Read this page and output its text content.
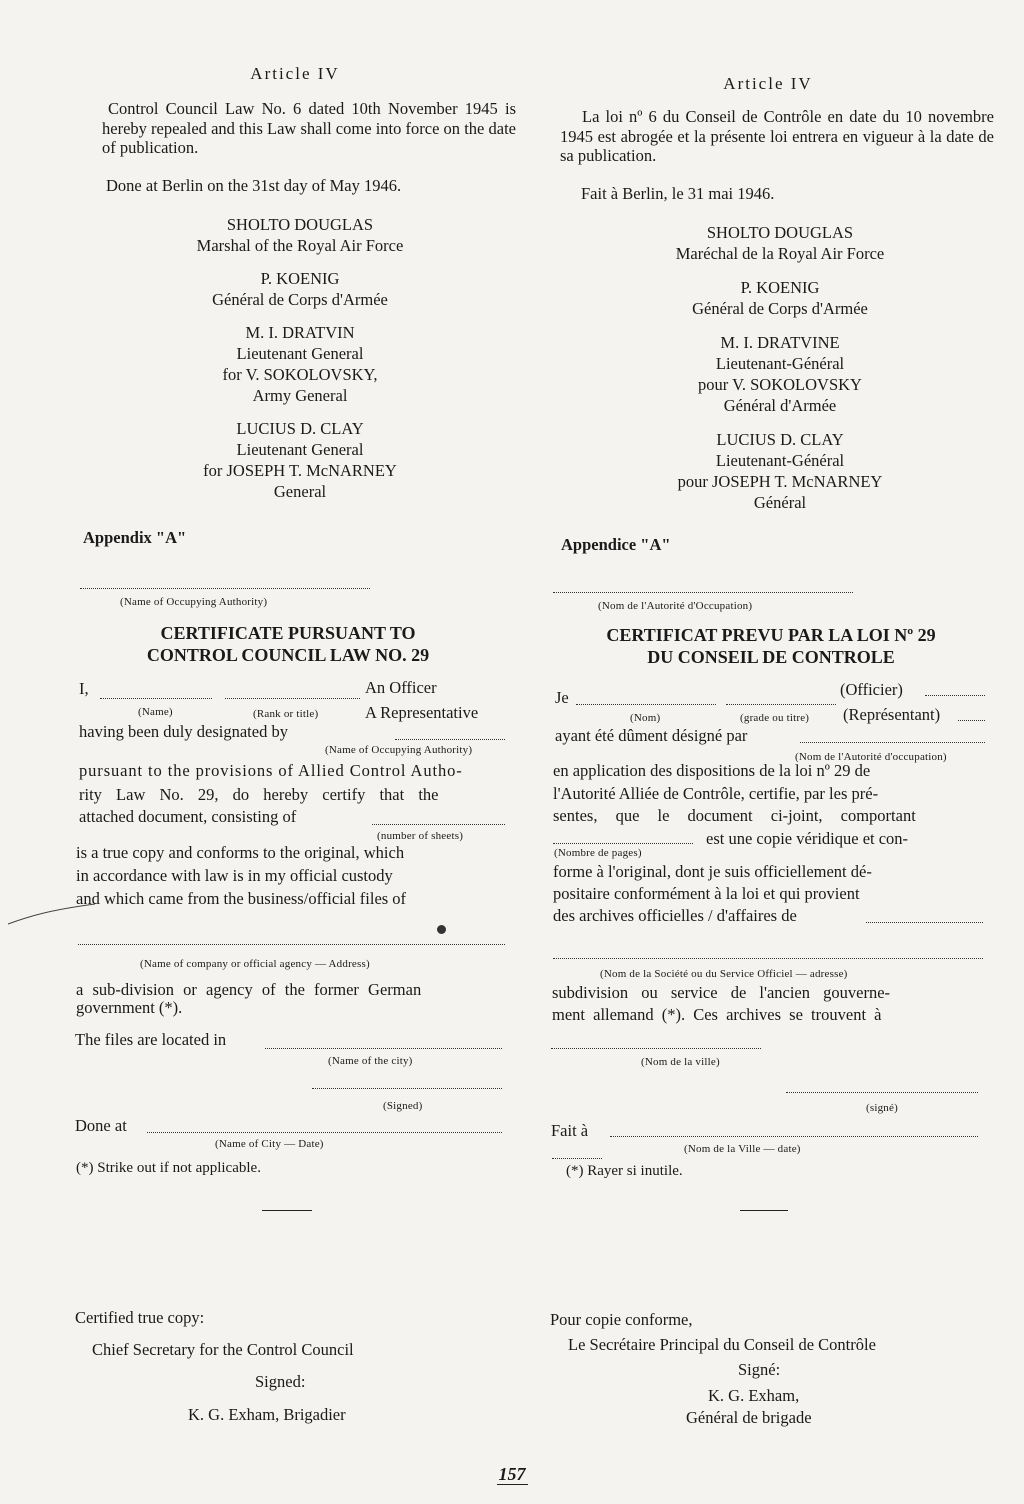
Article IV
Control Council Law No. 6 dated 10th November 1945 is hereby repealed and this Law shall come into force on the date of publication.
Done at Berlin on the 31st day of May 1946.
SHOLTO DOUGLAS
Marshal of the Royal Air Force
P. KOENIG
Général de Corps d'Armée
M. I. DRATVIN
Lieutenant General
for V. SOKOLOVSKY,
Army General
LUCIUS D. CLAY
Lieutenant General
for JOSEPH T. McNARNEY
General
Appendix "A"
(Name of Occupying Authority)
CERTIFICATE PURSUANT TO
CONTROL COUNCIL LAW NO. 29
I,	An Officer
(Name)	(Rank or title)	A Representative
having been duly designated by
(Name of Occupying Authority)
pursuant to the provisions of Allied Control Autho-
rity Law No. 29, do hereby certify that the
attached document, consisting of
(number of sheets)
is a true copy and conforms to the original, which
in accordance with law is in my official custody
and which came from the business/official files of
(Name of company or official agency — Address)
a sub-division or agency of the former German
government (*).
The files are located in
(Name of the city)
(Signed)
Done at
(Name of City — Date)
(*) Strike out if not applicable.
Certified true copy:
Chief Secretary for the Control Council
Signed:
K. G. Exham, Brigadier
Article IV
La loi nº 6 du Conseil de Contrôle en date du 10 novembre 1945 est abrogée et la présente loi entrera en vigueur à la date de sa publication.
Fait à Berlin, le 31 mai 1946.
SHOLTO DOUGLAS
Maréchal de la Royal Air Force
P. KOENIG
Général de Corps d'Armée
M. I. DRATVINE
Lieutenant-Général
pour V. SOKOLOVSKY
Général d'Armée
LUCIUS D. CLAY
Lieutenant-Général
pour JOSEPH T. McNARNEY
Général
Appendice "A"
(Nom de l'Autorité d'Occupation)
CERTIFICAT PREVU PAR LA LOI Nº 29
DU CONSEIL DE CONTROLE
Je	(Officier)
(Nom)	(grade ou titre) (Représentant)
ayant été dûment désigné par
(Nom de l'Autorité d'occupation)
en application des dispositions de la loi nº 29 de
l'Autorité Alliée de Contrôle, certifie, par les pré-
sentes, que le document ci-joint, comportant
est une copie véridique et con-
(Nombre de pages)
forme à l'original, dont je suis officiellement dé-
positaire conformément à la loi et qui provient
des archives officielles / d'affaires de
(Nom de la Société ou du Service Officiel — adresse)
subdivision ou service de l'ancien gouverne-
ment allemand (*). Ces archives se trouvent à
(Nom de la ville)
(signé)
Fait à
(Nom de la Ville — date)
(*) Rayer si inutile.
Pour copie conforme,
Le Secrétaire Principal du Conseil de Contrôle
Signé:
K. G. Exham,
Général de brigade
157
